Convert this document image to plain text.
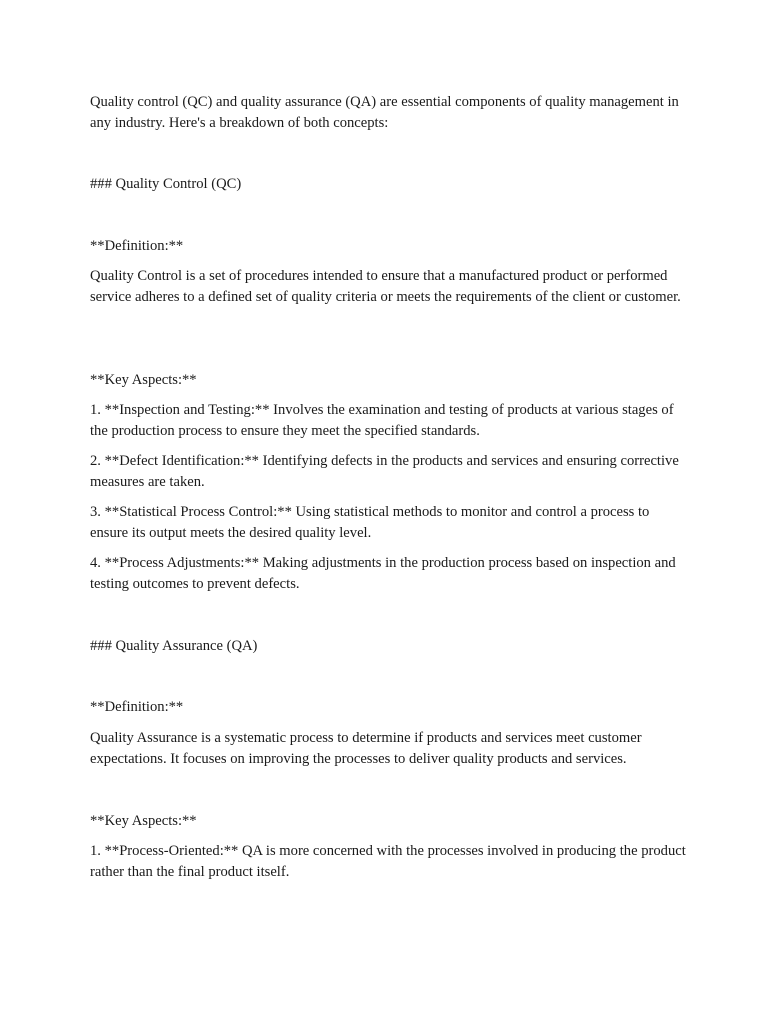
Quality control (QC) and quality assurance (QA) are essential components of quality management in any industry. Here's a breakdown of both concepts:

### Quality Control (QC)

**Definition:**

Quality Control is a set of procedures intended to ensure that a manufactured product or performed service adheres to a defined set of quality criteria or meets the requirements of the client or customer.

**Key Aspects:**

1. **Inspection and Testing:** Involves the examination and testing of products at various stages of the production process to ensure they meet the specified standards.

2. **Defect Identification:** Identifying defects in the products and services and ensuring corrective measures are taken.

3. **Statistical Process Control:** Using statistical methods to monitor and control a process to ensure its output meets the desired quality level.

4. **Process Adjustments:** Making adjustments in the production process based on inspection and testing outcomes to prevent defects.

### Quality Assurance (QA)

**Definition:**

Quality Assurance is a systematic process to determine if products and services meet customer expectations. It focuses on improving the processes to deliver quality products and services.

**Key Aspects:**

1. **Process-Oriented:** QA is more concerned with the processes involved in producing the product rather than the final product itself.
